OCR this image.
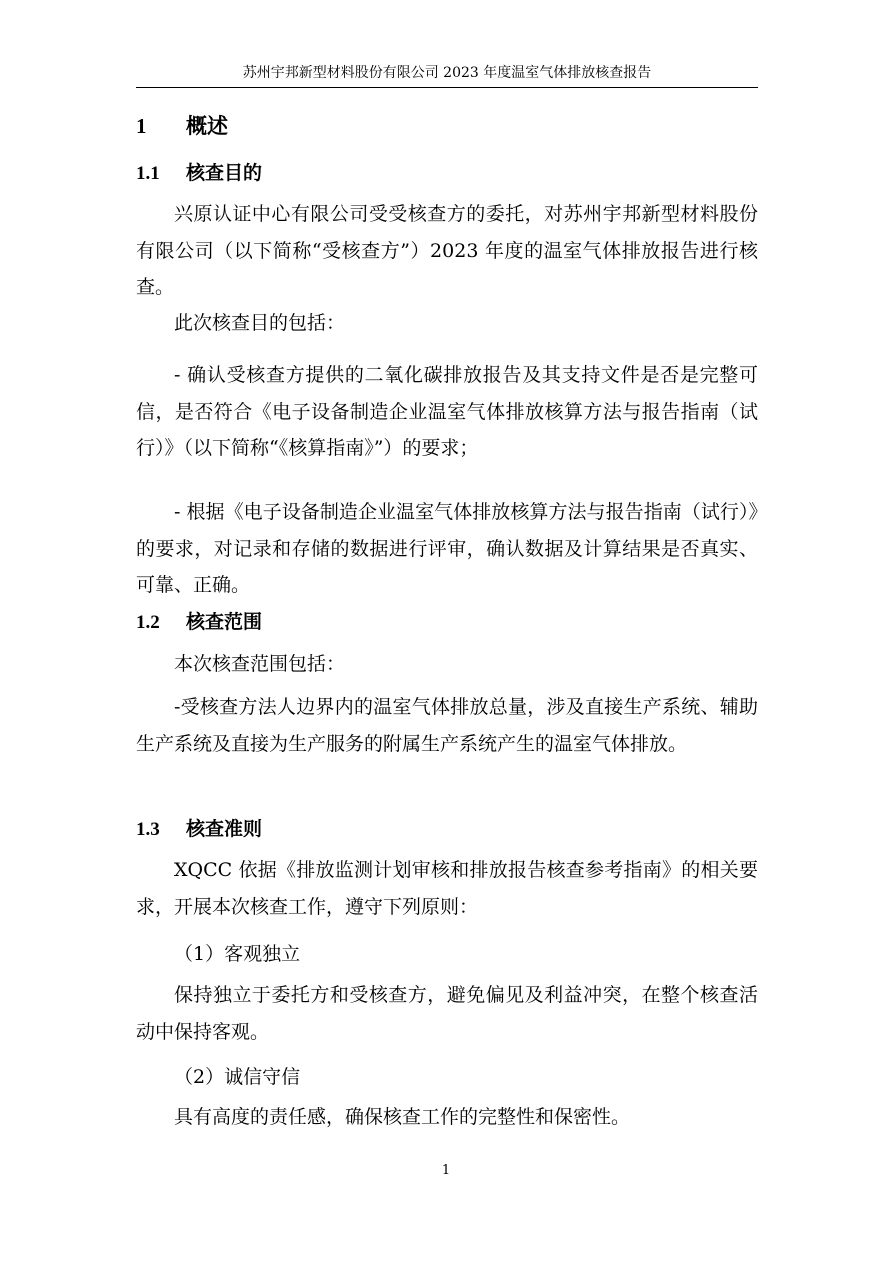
苏州宇邦新型材料股份有限公司 2023 年度温室气体排放核查报告
1 概述
1.1 核查目的
兴原认证中心有限公司受受核查方的委托，对苏州宇邦新型材料股份有限公司（以下简称“受核查方”）2023 年度的温室气体排放报告进行核查。
此次核查目的包括：
- 确认受核查方提供的二氧化碳排放报告及其支持文件是否是完整可信，是否符合《电子设备制造企业温室气体排放核算方法与报告指南（试行）》（以下简称“《核算指南》”）的要求；
- 根据《电子设备制造企业温室气体排放核算方法与报告指南（试行）》的要求，对记录和存储的数据进行评审，确认数据及计算结果是否真实、可靠、正确。
1.2 核查范围
本次核查范围包括：
-受核查方法人边界内的温室气体排放总量，涉及直接生产系统、辅助生产系统及直接为生产服务的附属生产系统产生的温室气体排放。
1.3 核查准则
XQCC 依据《排放监测计划审核和排放报告核查参考指南》的相关要求，开展本次核查工作，遵守下列原则：
（1）客观独立
保持独立于委托方和受核查方，避免偏见及利益冲突，在整个核查活动中保持客观。
（2）诚信守信
具有高度的责任感，确保核查工作的完整性和保密性。
1
